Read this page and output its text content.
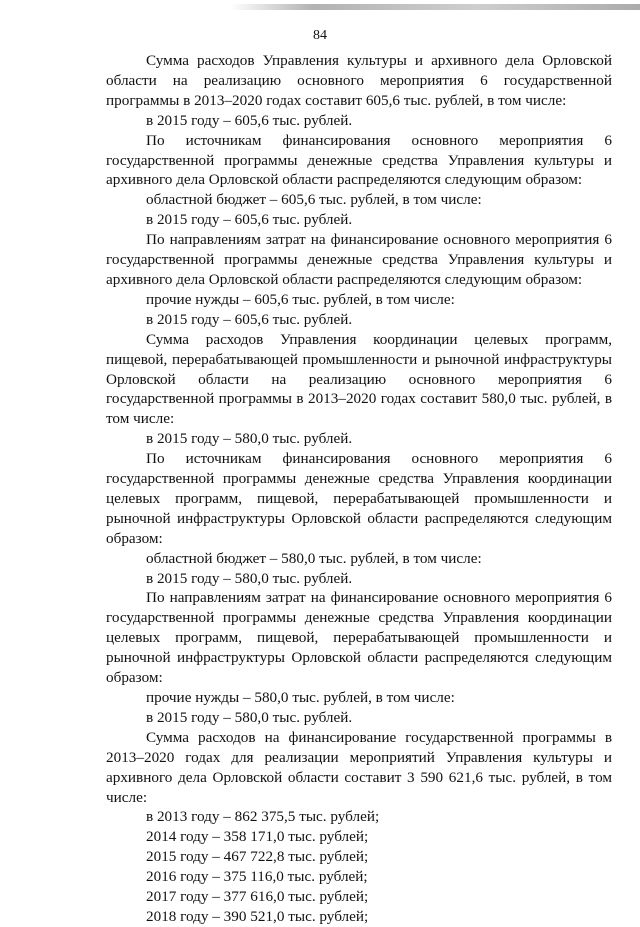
84

Сумма расходов Управления культуры и архивного дела Орловской области на реализацию основного мероприятия 6 государственной программы в 2013–2020 годах составит 605,6 тыс. рублей, в том числе:

в 2015 году – 605,6 тыс. рублей.

По источникам финансирования основного мероприятия 6 государственной программы денежные средства Управления культуры и архивного дела Орловской области распределяются следующим образом:

областной бюджет – 605,6 тыс. рублей, в том числе:

в 2015 году – 605,6 тыс. рублей.

По направлениям затрат на финансирование основного мероприятия 6 государственной программы денежные средства Управления культуры и архивного дела Орловской области распределяются следующим образом:

прочие нужды – 605,6 тыс. рублей, в том числе:

в 2015 году – 605,6 тыс. рублей.

Сумма расходов Управления координации целевых программ, пищевой, перерабатывающей промышленности и рыночной инфраструктуры Орловской области на реализацию основного мероприятия 6 государственной программы в 2013–2020 годах составит 580,0 тыс. рублей, в том числе:

в 2015 году – 580,0 тыс. рублей.

По источникам финансирования основного мероприятия 6 государственной программы денежные средства Управления координации целевых программ, пищевой, перерабатывающей промышленности и рыночной инфраструктуры Орловской области распределяются следующим образом:

областной бюджет – 580,0 тыс. рублей, в том числе:

в 2015 году – 580,0 тыс. рублей.

По направлениям затрат на финансирование основного мероприятия 6 государственной программы денежные средства Управления координации целевых программ, пищевой, перерабатывающей промышленности и рыночной инфраструктуры Орловской области распределяются следующим образом:

прочие нужды – 580,0 тыс. рублей, в том числе:

в 2015 году – 580,0 тыс. рублей.

Сумма расходов на финансирование государственной программы в 2013–2020 годах для реализации мероприятий Управления культуры и архивного дела Орловской области составит 3 590 621,6 тыс. рублей, в том числе:

в 2013 году – 862 375,5 тыс. рублей;

2014 году – 358 171,0 тыс. рублей;

2015 году – 467 722,8 тыс. рублей;

2016 году – 375 116,0 тыс. рублей;

2017 году – 377 616,0 тыс. рублей;

2018 году – 390 521,0 тыс. рублей;
